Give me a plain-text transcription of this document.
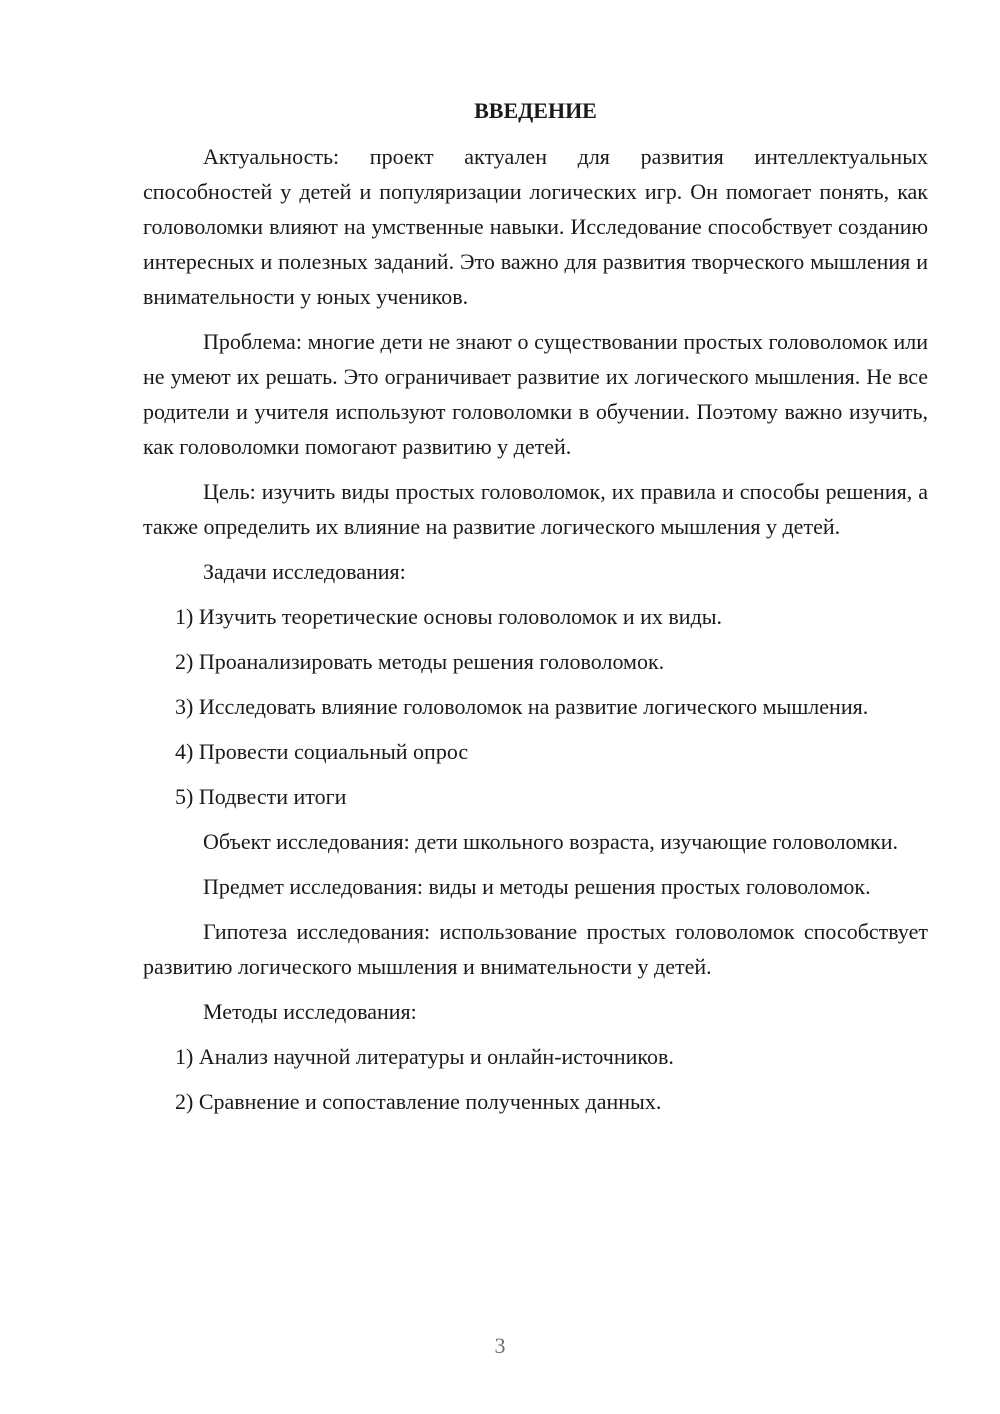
ВВЕДЕНИЕ

Актуальность: проект актуален для развития интеллектуальных способностей у детей и популяризации логических игр. Он помогает понять, как головоломки влияют на умственные навыки. Исследование способствует созданию интересных и полезных заданий. Это важно для развития творческого мышления и внимательности у юных учеников.

Проблема: многие дети не знают о существовании простых головоломок или не умеют их решать. Это ограничивает развитие их логического мышления. Не все родители и учителя используют головоломки в обучении. Поэтому важно изучить, как головоломки помогают развитию у детей.

Цель: изучить виды простых головоломок, их правила и способы решения, а также определить их влияние на развитие логического мышления у детей.

Задачи исследования:

1) Изучить теоретические основы головоломок и их виды.

2) Проанализировать методы решения головоломок.

3) Исследовать влияние головоломок на развитие логического мышления.

4) Провести социальный опрос

5) Подвести итоги

Объект исследования: дети школьного возраста, изучающие головоломки.

Предмет исследования: виды и методы решения простых головоломок.

Гипотеза исследования: использование простых головоломок способствует развитию логического мышления и внимательности у детей.

Методы исследования:

1) Анализ научной литературы и онлайн-источников.

2) Сравнение и сопоставление полученных данных.

3
